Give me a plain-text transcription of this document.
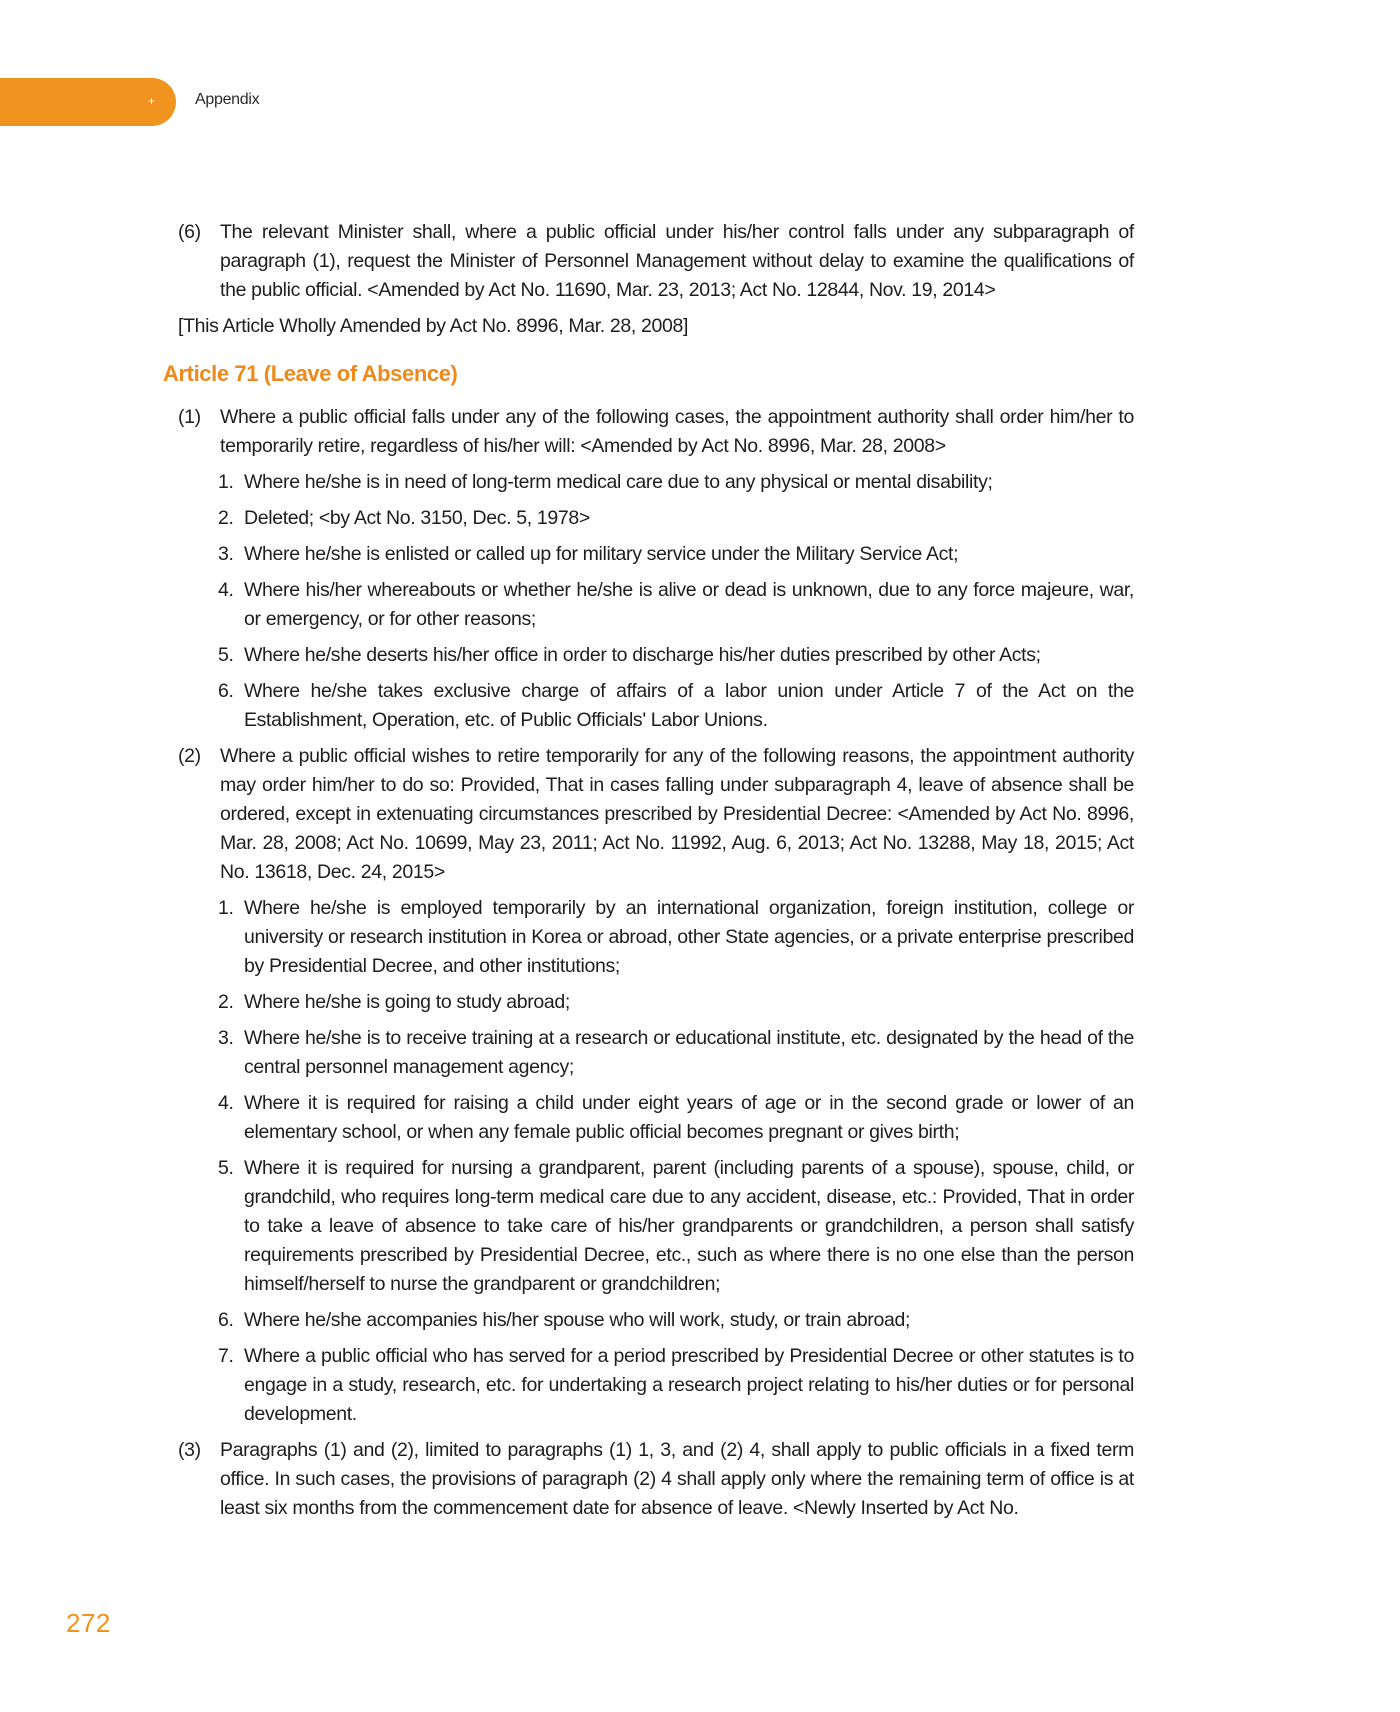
+ Appendix
(6) The relevant Minister shall, where a public official under his/her control falls under any subparagraph of paragraph (1), request the Minister of Personnel Management without delay to examine the qualifications of the public official. <Amended by Act No. 11690, Mar. 23, 2013; Act No. 12844, Nov. 19, 2014>
[This Article Wholly Amended by Act No. 8996, Mar. 28, 2008]
Article 71 (Leave of Absence)
(1) Where a public official falls under any of the following cases, the appointment authority shall order him/her to temporarily retire, regardless of his/her will: <Amended by Act No. 8996, Mar. 28, 2008>
1. Where he/she is in need of long-term medical care due to any physical or mental disability;
2. Deleted; <by Act No. 3150, Dec. 5, 1978>
3. Where he/she is enlisted or called up for military service under the Military Service Act;
4. Where his/her whereabouts or whether he/she is alive or dead is unknown, due to any force majeure, war, or emergency, or for other reasons;
5. Where he/she deserts his/her office in order to discharge his/her duties prescribed by other Acts;
6. Where he/she takes exclusive charge of affairs of a labor union under Article 7 of the Act on the Establishment, Operation, etc. of Public Officials' Labor Unions.
(2) Where a public official wishes to retire temporarily for any of the following reasons, the appointment authority may order him/her to do so: Provided, That in cases falling under subparagraph 4, leave of absence shall be ordered, except in extenuating circumstances prescribed by Presidential Decree: <Amended by Act No. 8996, Mar. 28, 2008; Act No. 10699, May 23, 2011; Act No. 11992, Aug. 6, 2013; Act No. 13288, May 18, 2015; Act No. 13618, Dec. 24, 2015>
1. Where he/she is employed temporarily by an international organization, foreign institution, college or university or research institution in Korea or abroad, other State agencies, or a private enterprise prescribed by Presidential Decree, and other institutions;
2. Where he/she is going to study abroad;
3. Where he/she is to receive training at a research or educational institute, etc. designated by the head of the central personnel management agency;
4. Where it is required for raising a child under eight years of age or in the second grade or lower of an elementary school, or when any female public official becomes pregnant or gives birth;
5. Where it is required for nursing a grandparent, parent (including parents of a spouse), spouse, child, or grandchild, who requires long-term medical care due to any accident, disease, etc.: Provided, That in order to take a leave of absence to take care of his/her grandparents or grandchildren, a person shall satisfy requirements prescribed by Presidential Decree, etc., such as where there is no one else than the person himself/herself to nurse the grandparent or grandchildren;
6. Where he/she accompanies his/her spouse who will work, study, or train abroad;
7. Where a public official who has served for a period prescribed by Presidential Decree or other statutes is to engage in a study, research, etc. for undertaking a research project relating to his/her duties or for personal development.
(3) Paragraphs (1) and (2), limited to paragraphs (1) 1, 3, and (2) 4, shall apply to public officials in a fixed term office. In such cases, the provisions of paragraph (2) 4 shall apply only where the remaining term of office is at least six months from the commencement date for absence of leave. <Newly Inserted by Act No.
272
